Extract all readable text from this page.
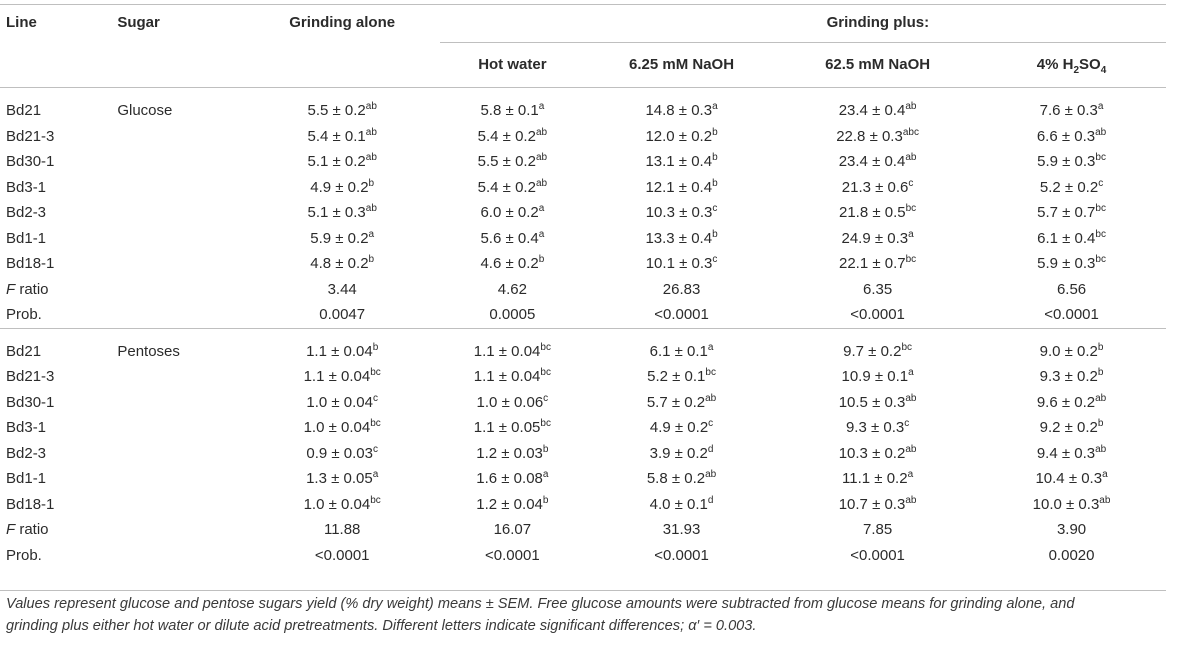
Line	Sugar	Grinding alone	Grinding plus:				
			Hot water	6.25 mM NaOH	62.5 mM NaOH	4% $H_2SO_4$
Bd21	Glucose	5.5 ± 0.2$^{ab}$	5.8 ± 0.1$^a$	14.8 ± 0.3$^a$	23.4 ± 0.4$^{ab}$	7.6 ± 0.3$^a$
Bd21-3		5.4 ± 0.1$^{ab}$	5.4 ± 0.2$^{ab}$	12.0 ± 0.2$^b$	22.8 ± 0.3$^{abc}$	6.6 ± 0.3$^{ab}$
Bd30-1		5.1 ± 0.2$^{ab}$	5.5 ± 0.2$^{ab}$	13.1 ± 0.4$^b$	23.4 ± 0.4$^{ab}$	5.9 ± 0.3$^{bc}$
Bd3-1		4.9 ± 0.2$^b$	5.4 ± 0.2$^{ab}$	12.1 ± 0.4$^b$	21.3 ± 0.6$^c$	5.2 ± 0.2$^c$
Bd2-3		5.1 ± 0.3$^{ab}$	6.0 ± 0.2$^a$	10.3 ± 0.3$^c$	21.8 ± 0.5$^{bc}$	5.7 ± 0.7$^{bc}$
Bd1-1		5.9 ± 0.2$^a$	5.6 ± 0.4$^a$	13.3 ± 0.4$^b$	24.9 ± 0.3$^a$	6.1 ± 0.4$^{bc}$
Bd18-1		4.8 ± 0.2$^b$	4.6 ± 0.2$^b$	10.1 ± 0.3$^c$	22.1 ± 0.7$^{bc}$	5.9 ± 0.3$^{bc}$
F ratio		3.44	4.62	26.83	6.35	6.56	
Prob.		0.0047	0.0005	<0.0001	<0.0001	<0.0001	
Bd21	Pentoses	1.1 ± 0.04$^b$	1.1 ± 0.04$^{bc}$	6.1 ± 0.1$^a$	9.7 ± 0.2$^{bc}$	9.0 ± 0.2$^b$
Bd21-3		1.1 ± 0.04$^{bc}$	1.1 ± 0.04$^{bc}$	5.2 ± 0.1$^{bc}$	10.9 ± 0.1$^a$	9.3 ± 0.2$^b$
Bd30-1		1.0 ± 0.04$^c$	1.0 ± 0.06$^c$	5.7 ± 0.2$^{ab}$	10.5 ± 0.3$^{ab}$	9.6 ± 0.2$^{ab}$
Bd3-1		1.0 ± 0.04$^{bc}$	1.1 ± 0.05$^{bc}$	4.9 ± 0.2$^c$	9.3 ± 0.3$^c$	9.2 ± 0.2$^b$
Bd2-3		0.9 ± 0.03$^c$	1.2 ± 0.03$^b$	3.9 ± 0.2$^d$	10.3 ± 0.2$^{ab}$	9.4 ± 0.3$^{ab}$
Bd1-1		1.3 ± 0.05$^a$	1.6 ± 0.08$^a$	5.8 ± 0.2$^{ab}$	11.1 ± 0.2$^a$	10.4 ± 0.3$^a$
Bd18-1		1.0 ± 0.04$^{bc}$	1.2 ± 0.04$^b$	4.0 ± 0.1$^d$	10.7 ± 0.3$^{ab}$	10.0 ± 0.3$^{ab}$
F ratio		11.88	16.07	31.93	7.85	3.90	
Prob.		<0.0001	<0.0001	<0.0001	<0.0001	0.0020	
Values represent glucose and pentose sugars yield (% dry weight) means ± SEM. Free glucose amounts were subtracted from glucose means for grinding alone, and
grinding plus either hot water or dilute acid pretreatments. Different letters indicate significant differences; α′ = 0.003.
